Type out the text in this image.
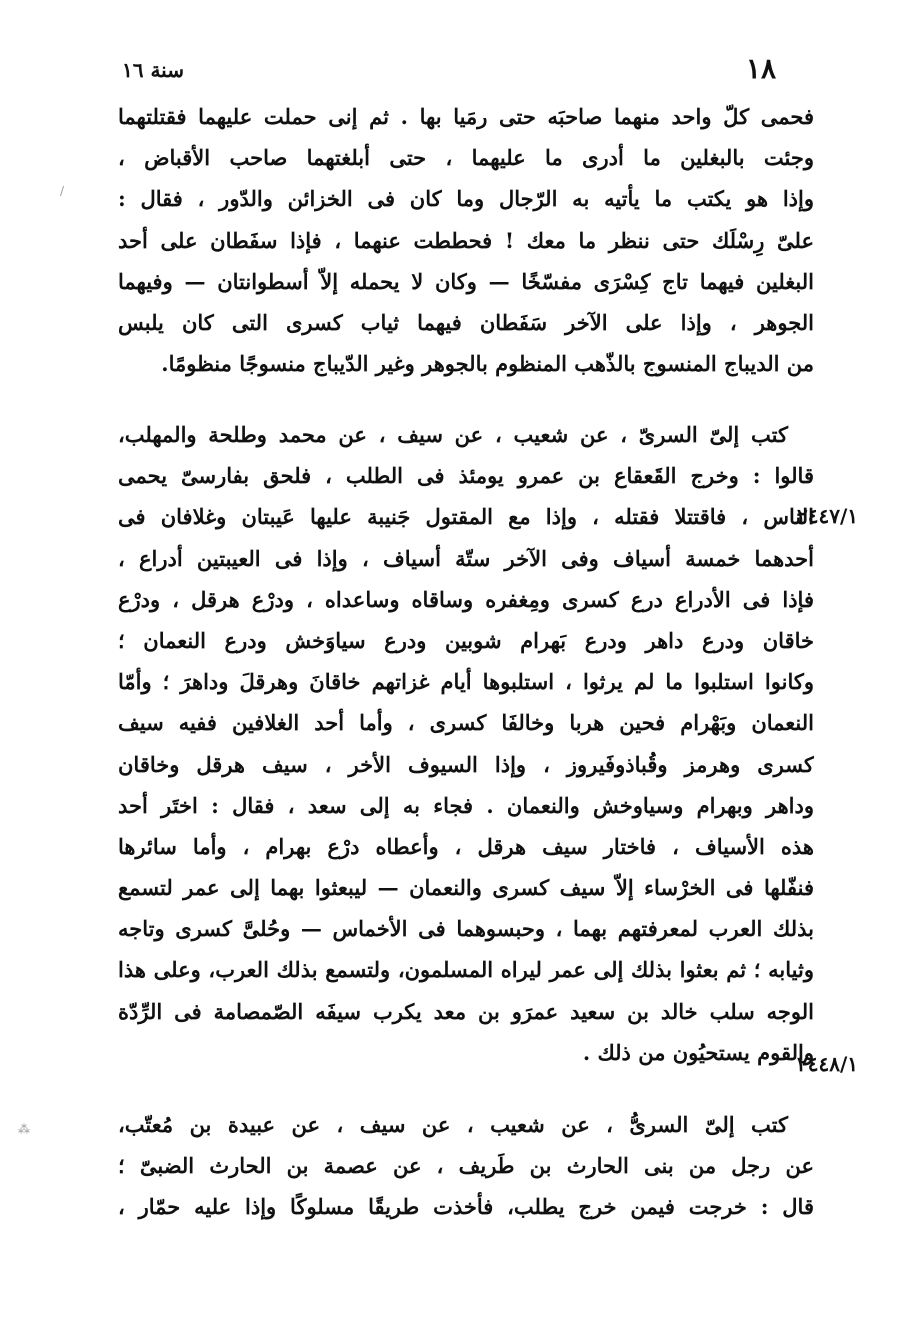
١٨
سنة ١٦
فحمى كلّ واحد منهما صاحبَه حتى رمَيا بها . ثم إنى حملت عليهما فقتلتهما
وجئت بالبغلين ما أدرى ما عليهما ، حتى أبلغتهما صاحب الأقباض ،
وإذا هو يكتب ما يأتيه به الرّجال وما كان فى الخزائن والدّور ، فقال :
علىّ رِسْلَك حتى ننظر ما معك ! فحططت عنهما ، فإذا سفَطان على أحد
البغلين فيهما تاج كِسْرَى مفسّخًا — وكان لا يحمله إلاّ أسطوانتان — وفيهما
الجوهر ، وإذا على الآخر سَفَطان فيهما ثياب كسرى التى كان يلبس
من الديباج المنسوج بالذّهب المنظوم بالجوهر وغير الدّيباج منسوجًا منظومًا.
كتب إلىّ السرىّ ، عن شعيب ، عن سيف ، عن محمد وطلحة والمهلب،
قالوا : وخرج القَعقاع بن عمرو يومئذ فى الطلب ، فلحق بفارسىّ يحمى
الناس ، فاقتتلا فقتله ، وإذا مع المقتول جَنيبة عليها عَيبتان وغلافان فى
أحدهما خمسة أسياف وفى الآخر ستّة أسياف ، وإذا فى العيبتين أدراع ،
فإذا فى الأدراع درع كسرى ومِغفره وساقاه وساعداه ، ودرْع هرقل ، ودرْع
خاقان ودرع داهر ودرع بَهرام شوبين ودرع سياوَخش ودرع النعمان ؛
وكانوا استلبوا ما لم يرثوا ، استلبوها أيام غزاتهم خاقانَ وهرقلَ وداهرَ ؛ وأمّا
النعمان وبَهْرام فحين هربا وخالفَا كسرى ، وأما أحد الغلافين ففيه سيف
كسرى وهرمز وقُباذوفَيروز ، وإذا السيوف الأخر ، سيف هرقل وخاقان
وداهر وبهرام وسياوخش والنعمان . فجاء به إلى سعد ، فقال : اختَر أحد
هذه الأسياف ، فاختار سيف هرقل ، وأعطاه درْع بهرام ، وأما سائرها
فنفّلها فى الخرْساء إلاّ سيف كسرى والنعمان — ليبعثوا بهما إلى عمر لتسمع
بذلك العرب لمعرفتهم بهما ، وحبسوهما فى الأخماس — وحُلىَّ كسرى وتاجه
وثيابه ؛ ثم بعثوا بذلك إلى عمر ليراه المسلمون، ولتسمع بذلك العرب، وعلى هذا
الوجه سلب خالد بن سعيد عمرَو بن معد يكرب سيفَه الصّمصامة فى الرِّدّة
والقوم يستحيُون من ذلك .
كتب إلىّ السرىُّ ، عن شعيب ، عن سيف ، عن عبيدة بن مُعتّب،
عن رجل من بنى الحارث بن طَريف ، عن عصمة بن الحارث الضبىّ ؛
قال : خرجت فيمن خرج يطلب، فأخذت طريقًا مسلوكًا وإذا عليه حمّار ،
٢٤٤٧/١
٢٤٤٨/١
⁂
/
